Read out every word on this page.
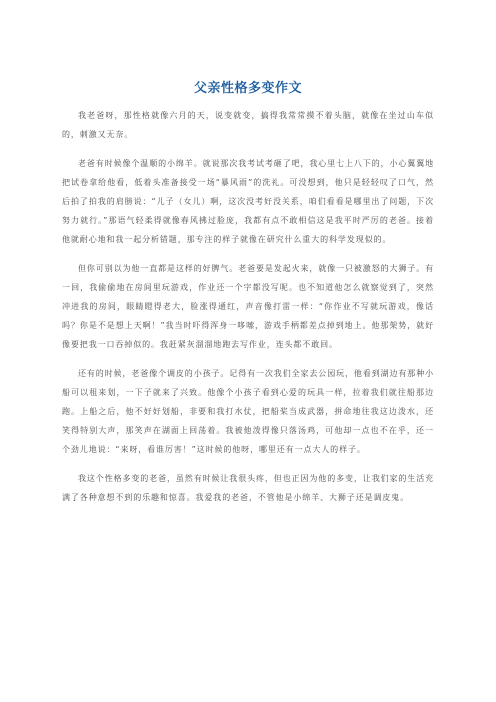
父亲性格多变作文

我老爸呀，那性格就像六月的天，说变就变，搞得我常常摸不着头脑，就像在坐过山车似的，刺激又无奈。

老爸有时候像个温顺的小绵羊。就说那次我考试考砸了吧，我心里七上八下的，小心翼翼地把试卷拿给他看，低着头准备接受一场“暴风雨”的洗礼。可没想到，他只是轻轻叹了口气，然后拍了拍我的肩膀说：“儿子（女儿）啊，这次没考好没关系，咱们看看是哪里出了问题，下次努力就行。”那语气轻柔得就像春风拂过脸庞，我都有点不敢相信这是我平时严厉的老爸。接着他就耐心地和我一起分析错题，那专注的样子就像在研究什么重大的科学发现似的。

但你可别以为他一直都是这样的好脾气。老爸要是发起火来，就像一只被激怒的大狮子。有一回，我偷偷地在房间里玩游戏，作业还一个字都没写呢。也不知道他怎么就察觉到了，突然冲进我的房间，眼睛瞪得老大，脸涨得通红，声音像打雷一样：“你作业不写就玩游戏，像话吗？你是不是想上天啊！”我当时吓得浑身一哆嗦，游戏手柄都差点掉到地上。他那架势，就好像要把我一口吞掉似的。我赶紧灰溜溜地跑去写作业，连头都不敢回。

还有的时候，老爸像个调皮的小孩子。记得有一次我们全家去公园玩，他看到湖边有那种小船可以租来划，一下子就来了兴致。他像个小孩子看到心爱的玩具一样，拉着我们就往船那边跑。上船之后，他不好好划船，非要和我打水仗，把船桨当成武器，拼命地往我这边泼水，还笑得特别大声，那笑声在湖面上回荡着。我被他泼得像只落汤鸡，可他却一点也不在乎，还一个劲儿地说：“来呀，看谁厉害！”这时候的他呀，哪里还有一点大人的样子。

我这个性格多变的老爸，虽然有时候让我很头疼，但也正因为他的多变，让我们家的生活充满了各种意想不到的乐趣和惊喜。我爱我的老爸，不管他是小绵羊、大狮子还是调皮鬼。
